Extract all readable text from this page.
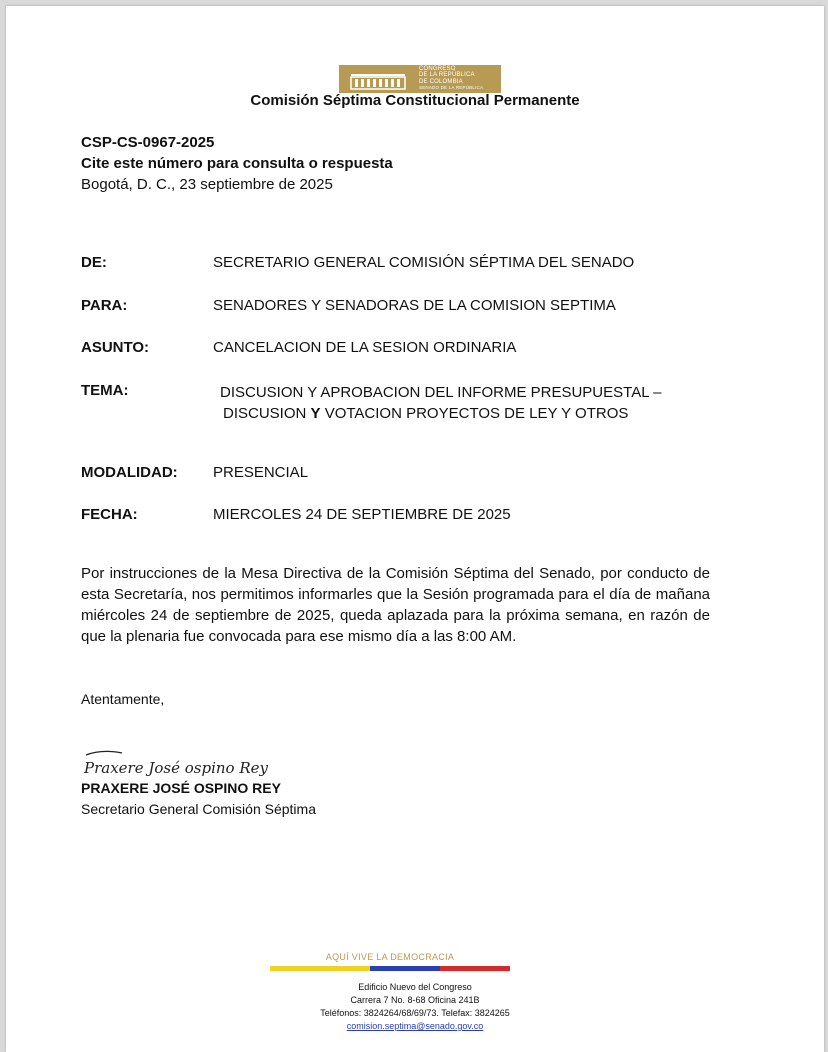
CONGRESO
DE LA REPÚBLICA
DE COLOMBIA
SENADO DE LA REPÚBLICA
Comisión Séptima Constitucional Permanente
CSP-CS-0967-2025
Cite este número para consulta o respuesta
Bogotá, D. C., 23 septiembre de 2025
DE:	SECRETARIO GENERAL COMISIÓN SÉPTIMA DEL SENADO
PARA:	SENADORES Y SENADORAS DE LA COMISION SEPTIMA
ASUNTO:	CANCELACION DE LA SESION ORDINARIA
TEMA:	DISCUSION Y APROBACION DEL INFORME PRESUPUESTAL –
DISCUSION Y VOTACION PROYECTOS DE LEY Y OTROS
MODALIDAD: PRESENCIAL
FECHA:	MIERCOLES 24 DE SEPTIEMBRE DE 2025
Por instrucciones de la Mesa Directiva de la Comisión Séptima del Senado, por conducto de esta Secretaría, nos permitimos informarles que la Sesión programada para el día de mañana miércoles 24 de septiembre de 2025, queda aplazada para la próxima semana, en razón de que la plenaria fue convocada para ese mismo día a las 8:00 AM.
Atentamente,
Praxere José ospino Rey
PRAXERE JOSÉ OSPINO REY
Secretario General Comisión Séptima
AQUÍ VIVE LA DEMOCRACIA
Edificio Nuevo del Congreso
Carrera 7 No. 8-68 Oficina 241B
Teléfonos: 3824264/68/69/73. Telefax: 3824265
comision.septima@senado.gov.co
